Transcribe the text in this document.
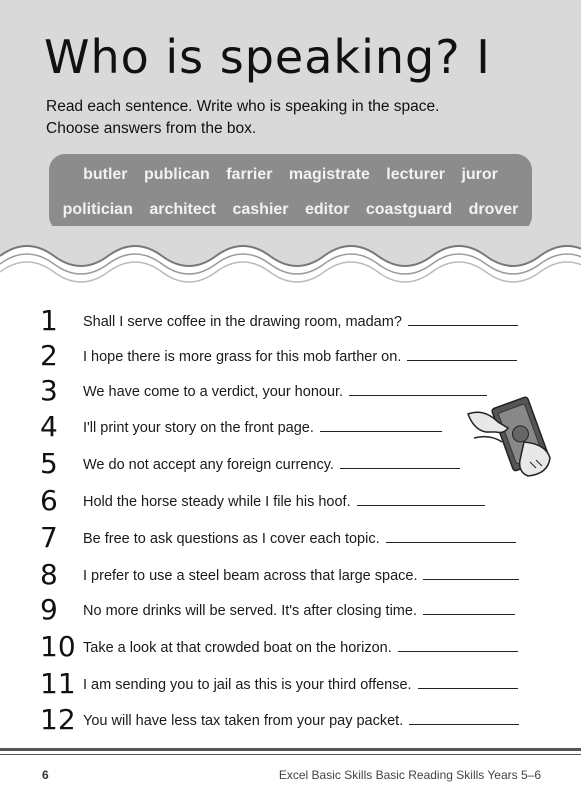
Who is speaking? I
Read each sentence. Write who is speaking in the space.
Choose answers from the box.
butler publican farrier magistrate lecturer juror
politician architect cashier editor coastguard drover
1	Shall I serve coffee in the drawing room, madam?
2	I hope there is more grass for this mob farther on.
3	We have come to a verdict, your honour.
4	I'll print your story on the front page.
5	We do not accept any foreign currency.
6	Hold the horse steady while I file his hoof.
7	Be free to ask questions as I cover each topic.
8	I prefer to use a steel beam across that large space.
9	No more drinks will be served. It's after closing time.
10 Take a look at that crowded boat on the horizon.
11 I am sending you to jail as this is your third offense.
12 You will have less tax taken from your pay packet.
6	Excel Basic Skills Basic Reading Skills Years 5–6
